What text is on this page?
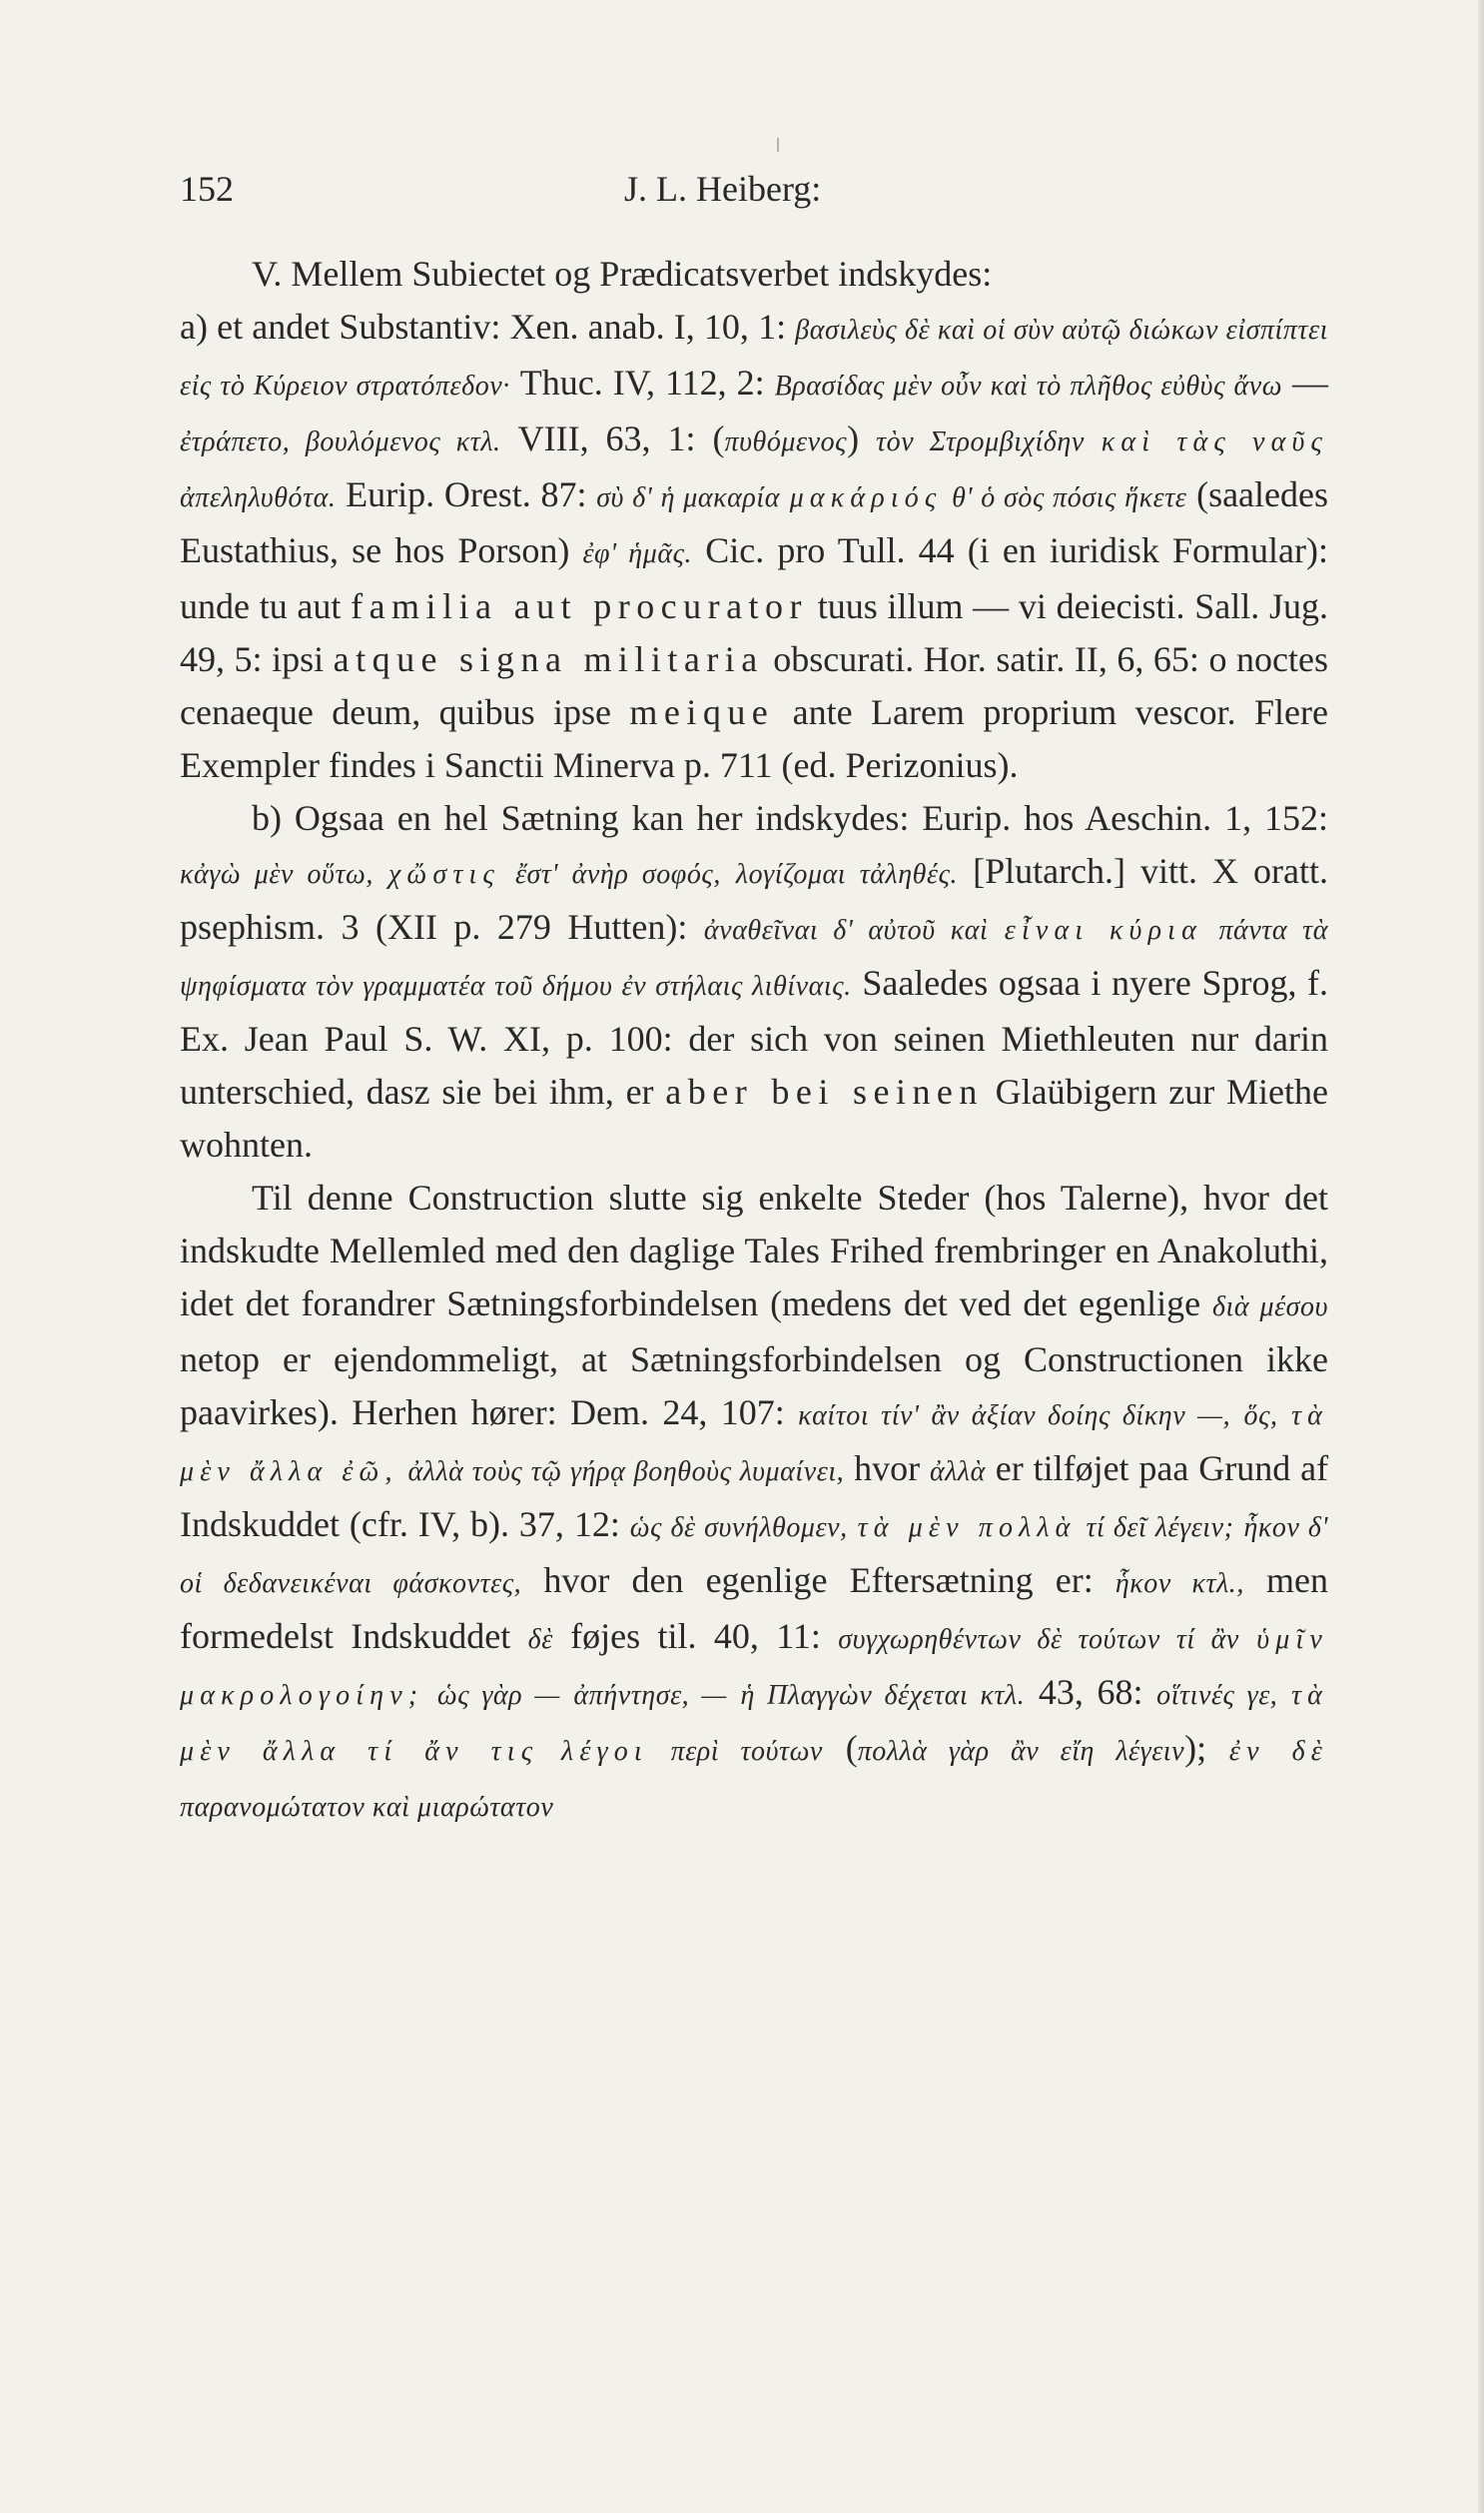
152	J. L. Heiberg:

V. Mellem Subiectet og Prædicatsverbet indskydes:
a) et andet Substantiv: Xen. anab. I, 10, 1: βασιλεὺς δὲ καὶ οἱ σὺν αὐτῷ διώκων εἰσπίπτει εἰς τὸ Κύρειον στρατόπεδον· Thuc. IV, 112, 2: Βρασίδας μὲν οὖν καὶ τὸ πλῆθος εὐθὺς ἄνω — ἐτράπετο, βουλόμενος κτλ. VIII, 63, 1: (πυθόμενος) τὸν Στρομβιχίδην καὶ τὰς ναῦς ἀπεληλυθότα. Eurip. Orest. 87: σὺ δ' ἡ μακαρία μακάριός θ' ὁ σὸς πόσις ἥκετε (saaledes Eustathius, se hos Porson) ἐφ' ἡμᾶς. Cic. pro Tull. 44 (i en iuridisk Formular): unde tu aut familia aut procurator tuus illum — vi deiecisti. Sall. Jug. 49, 5: ipsi atque signa militaria obscurati. Hor. satir. II, 6, 65: o noctes cenaeque deum, quibus ipse meique ante Larem proprium vescor. Flere Exempler findes i Sanctii Minerva p. 711 (ed. Perizonius).

b) Ogsaa en hel Sætning kan her indskydes: Eurip. hos Aeschin. 1, 152: κἀγὼ μὲν οὕτω, χὤστις ἔστ' ἀνὴρ σοφός, λογίζομαι τἀληθές. [Plutarch.] vitt. X oratt. psephism. 3 (XII p. 279 Hutten): ἀναθεῖναι δ' αὐτοῦ καὶ εἶναι κύρια πάντα τὰ ψηφίσματα τὸν γραμματέα τοῦ δήμου ἐν στήλαις λιθίναις. Saaledes ogsaa i nyere Sprog, f. Ex. Jean Paul S. W. XI, p. 100: der sich von seinen Miethleuten nur darin unterschied, dasz sie bei ihm, er aber bei seinen Glaübigern zur Miethe wohnten.

Til denne Construction slutte sig enkelte Steder (hos Talerne), hvor det indskudte Mellemled med den daglige Tales Frihed frembringer en Anakoluthi, idet det forandrer Sætningsforbindelsen (medens det ved det egenlige διὰ μέσου netop er ejendommeligt, at Sætningsforbindelsen og Constructionen ikke paavirkes). Herhen hører: Dem. 24, 107: καίτοι τίν' ἂν ἀξίαν δοίης δίκην —, ὅς, τὰ μὲν ἄλλα ἐῶ, ἀλλὰ τοὺς τῷ γήρᾳ βοηθοὺς λυμαίνει, hvor ἀλλὰ er tilføjet paa Grund af Indskuddet (cfr. IV, b). 37, 12: ὡς δὲ συνήλθομεν, τὰ μὲν πολλὰ τί δεῖ λέγειν; ἧκον δ' οἱ δεδανεικέναι φάσκοντες, hvor den egenlige Eftersætning er: ἧκον κτλ., men formedelst Indskuddet δὲ føjes til. 40, 11: συγχωρηθέντων δὲ τούτων τί ἂν ὑμῖν μακρολογοίην; ὡς γὰρ — ἀπήντησε, — ἡ Πλαγγὼν δέχεται κτλ. 43, 68: οἵτινές γε, τὰ μὲν ἄλλα τί ἄν τις λέγοι περὶ τούτων (πολλὰ γὰρ ἂν εἴη λέγειν); ἐν δὲ παρανομώτατον καὶ μιαρώτατον
